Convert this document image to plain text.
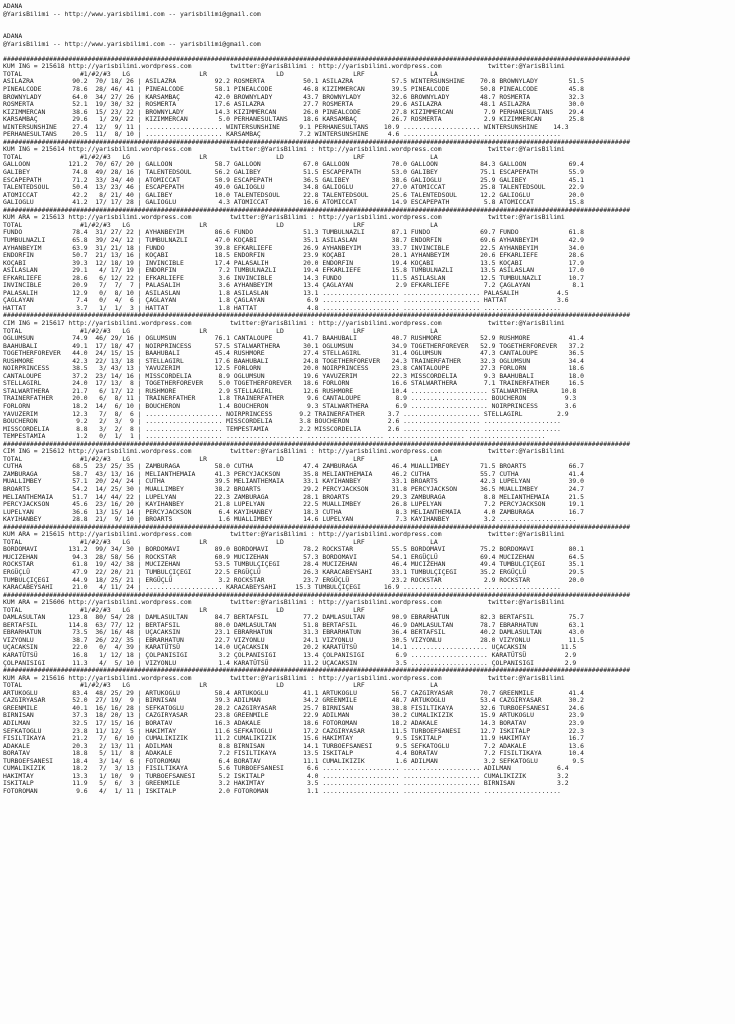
ADANA
@YarisBilimi -- http://www.yarisbilimi.com -- yarisbilimi@gmail.com

ADANA
@YarisBilimi -- http://www.yarisbilimi.com -- yarisbilimi@gmail.com

###################################################################################################################################################################
KUM ING = 215618 http://yarisbilimi.wordpress.com          twitter:@YarisBilimi : http://yarisbilimi.wordpress.com            twitter:@YarisBilimi
TOTAL               #1/#2/#3   LG                  LR                  LD                  LRF                 LA
ASILAZRA          90.2  70/ 18/ 26 | ASILAZRA          92.2 ROSMERTA          50.1 ASILAZRA          57.5 WINTERSUNSHINE    70.8 BROWNYLADY        51.5
PINEALCODE        78.6  28/ 46/ 41 | PINEALCODE        58.1 PINEALCODE        46.8 KIZIMMERCAN       39.5 PINEALCODE        50.8 PINEALCODE        45.8
BROWNYLADY        64.0  34/ 27/ 26 | KARSAMBAÇ         42.0 BROWNYLADY        43.7 BROWNYLADY        32.6 BROWNYLADY        48.7 ROSMERTA          32.3
ROSMERTA          52.1  19/ 30/ 32 | ROSMERTA          17.6 ASILAZRA          27.7 ROSMERTA          29.6 ASILAZRA          48.1 ASILAZRA          30.0
KIZIMMERCAN       38.6  15/ 23/ 22 | BROWNYLADY        14.3 KIZIMMERCAN       26.0 PINEALCODE        27.8 KIZIMMERCAN        7.9 PERHANESULTANS    29.4
KARSAMBAÇ         29.6   1/ 29/ 22 | KIZIMMERCAN        5.0 PERHANESULTANS    18.6 KARSAMBAÇ         26.7 ROSMERTA           2.9 KIZIMMERCAN       25.8
WINTERSUNSHINE    27.4  12/  9/ 11 | .................... WINTERSUNSHINE     9.1 PERHANESULTANS    10.9 .................... WINTERSUNSHINE    14.3
PERHANESULTANS    20.5  11/  8/ 10 | .................... KARSAMBAÇ          7.2 WINTERSUNSHINE     4.6 .................... ....................
###################################################################################################################################################################
KUM ING = 215614 http://yarisbilimi.wordpress.com          twitter:@YarisBilimi : http://yarisbilimi.wordpress.com            twitter:@YarisBilimi
TOTAL               #1/#2/#3   LG                  LR                  LD                  LRF                 LA
GALLOON          121.2  70/ 67/ 20 | GALLOON           58.7 GALLOON           67.0 GALLOON           70.0 GALLOON           84.3 GALLOON           69.4
GALIBEY           74.8  49/ 28/ 16 | TALENTEDSOUL      56.2 GALIBEY           51.5 ESCAPEPATH        53.0 GALIBEY           75.1 ESCAPEPATH        55.9
ESCAPEPATH        71.2  33/ 34/ 40 | ATOMICCAT         50.9 ESCAPEPATH        36.5 GALIBEY           38.6 GALIOGLU          25.9 GALIBEY           45.1
TALENTEDSOUL      50.4  13/ 23/ 46 | ESCAPEPATH        49.0 GALIOGLU          34.8 GALIOGLU          27.0 ATOMICCAT         25.8 TALENTEDSOUL      22.9
ATOMICCAT         42.2   8/ 21/ 40 | GALIBEY           10.0 TALENTEDSOUL      22.8 TALENTEDSOUL      25.6 TALENTEDSOUL      12.2 GALIOGLU          20.0
GALIOGLU          41.2  17/ 17/ 28 | GALIOGLU           4.3 ATOMICCAT         16.6 ATOMICCAT         14.9 ESCAPEPATH         5.8 ATOMICCAT         15.8
###################################################################################################################################################################
KUM ARA = 215613 http://yarisbilimi.wordpress.com          twitter:@YarisBilimi : http://yarisbilimi.wordpress.com            twitter:@YarisBilimi
TOTAL               #1/#2/#3   LG                  LR                  LD                  LRF                 LA
FUNDO             78.4  31/ 27/ 22 | AYHANBEYIM        86.6 FUNDO             51.3 TUMBULNAZLI       87.1 FUNDO             69.7 FUNDO             61.8
TUMBULNAZLI       65.8  39/ 24/ 12 | TUMBULNAZLI       47.0 KOÇABI            35.1 ASILASLAN         38.7 ENDORFIN          69.6 AYHANBEYIM        42.9
AYHANBEYIM        63.9  31/ 21/ 18 | FUNDO             39.8 EFKARLIEFE        26.9 AYHANBEYIM        33.7 INVINCIBLE        22.5 AYHANBEYIM        34.0
ENDORFIN          50.7  21/ 13/ 16 | KOÇABI            18.5 ENDORFIN          23.9 KOÇABI            20.1 AYHANBEYIM        20.6 EFKARLIEFE        28.6
KOÇABI            39.3  12/ 18/ 19 | INVINCIBLE        17.4 PALASALIH         20.0 ENDORFIN          19.4 KOÇABI            13.5 KOÇABI            17.9
ASILASLAN         29.1   4/ 17/ 19 | ENDORFIN           7.2 TUMBULNAZLI       19.4 EFKARLIEFE        15.8 TUMBULNAZLI       13.5 ASILASLAN         17.0
EFKARLIEFE        28.6   6/ 12/ 22 | EFKARLIEFE         3.6 INVINCIBLE        14.3 FUNDO             11.5 ASILASLAN         12.5 TUMBULNAZLI       10.7
INVINCIBLE        20.9   7/  7/  7 | PALASALIH          3.6 AYHANBEYIM        13.4 ÇAGLAYAN           2.9 EFKARLIEFE         7.2 ÇAGLAYAN           8.1
PALASALIH         12.9   0/  8/ 10 | ASILASLAN          1.8 ASILASLAN         13.1 .................... .................... PALASALIH          4.5
ÇAGLAYAN           7.4   0/  4/  6 | ÇAGLAYAN           1.8 ÇAGLAYAN           6.9 .................... .................... HATTAT             3.6
HATTAT             3.7   1/  1/  3 | HATTAT             1.8 HATTAT             4.8 .................... .................... ....................
###################################################################################################################################################################
CIM ING = 215617 http://yarisbilimi.wordpress.com          twitter:@YarisBilimi : http://yarisbilimi.wordpress.com            twitter:@YarisBilimi
TOTAL               #1/#2/#3   LG                  LR                  LD                  LRF                 LA
OGLUMSUN          74.9  46/ 29/ 16 | OGLUMSUN          76.1 CANTALOUPE        41.7 BAAHUBALI         40.7 RUSHMORE          52.9 RUSHMORE          41.4
BAAHUBALI         49.1  17/ 18/ 47 | NOIRPRINCESS      57.5 STALWARTHERA      30.1 OGLUMSUN          34.9 TOGETHERFOREVER   52.9 TOGETHERFOREVER   37.2
TOGETHERFOREVER   44.0  24/ 15/ 15 | BAAHUBALI         45.4 RUSHMORE          27.4 STELLAGIRL        31.4 OGLUMSUN          47.3 CANTALOUPE        36.5
RUSHMORE          42.3  22/ 13/ 18 | STELLAGIRL        17.6 BAAHUBALI         24.8 TOGETHERFOREVER   24.3 TRAINERFATHER     32.3 OGLUMSUN          34.4
NOIRPRINCESS      38.5   3/ 43/ 13 | YAVUZERIM         12.5 FORLORN           20.0 NOIRPRINCESS      23.8 CANTALOUPE        27.3 FORLORN           18.6
CANTALOUPE        37.2  23/ 14/ 16 | MISSCORDELIA       8.9 OGLUMSUN          19.6 YAVUZERIM         22.3 MISSCORDELIA       9.3 BAAHUBALI         18.0
STELLAGIRL        24.0  17/ 13/  8 | TOGETHERFOREVER    5.0 TOGETHERFOREVER   18.6 FORLORN           16.6 STALWARTHERA       7.1 TRAINERFATHER     16.5
STALWARTHERA      21.7   6/ 17/ 12 | RUSHMORE           2.9 STELLAGIRL        12.6 RUSHMORE          10.4 .................... STALWARTHERA      10.8
TRAINERFATHER     20.0   6/  8/ 11 | TRAINERFATHER      1.8 TRAINERFATHER      9.6 CANTALOUPE         8.9 .................... BOUCHERON          9.3
FORLORN           18.2  14/  6/ 10 | BOUCHERON          1.4 BOUCHERON          9.3 STALWARTHERA       6.9 .................... NOIRPRINCESS       3.6
YAVUZERIM         12.3   7/  8/  6 | .................... NOIRPRINCESS       9.2 TRAINERFATHER      3.7 .................... STELLAGIRL         2.9
BOUCHERON          9.2   2/  3/  9 | .................... MISSCORDELIA       3.8 BOUCHERON          2.6 .................... ....................
MISSCORDELIA       8.8   3/  2/  8 | .................... TEMPESTAMIA        2.2 MISSCORDELIA       2.6 .................... ....................
TEMPESTAMIA        1.2   0/  1/  1 | .................... .................... .................... .................... ....................
###################################################################################################################################################################
CIM ING = 215612 http://yarisbilimi.wordpress.com          twitter:@YarisBilimi : http://yarisbilimi.wordpress.com            twitter:@YarisBilimi
TOTAL               #1/#2/#3   LG                  LR                  LD                  LRF                 LA
CUTHA             68.5  23/ 25/ 35 | ZAMBURAGA         58.0 CUTHA             47.4 ZAMBURAGA         46.4 MUALLIMBEY        71.5 BROARTS           66.7
ZAMBURAGA         58.7  43/ 13/ 16 | MELIANTHEMAIA     41.3 PERCYJACKSON      35.8 MELIANTHEMAIA     46.2 CUTHA             55.7 CUTHA             41.4
MUALLIMBEY        57.1  20/ 24/ 24 | CUTHA             39.5 MELIANTHEMAIA     33.1 KAYIHANBEY        33.1 BROARTS           42.3 LUPELYAN          39.0
BROARTS           54.2  14/ 25/ 30 | MUALLIMBEY        38.2 BROARTS           29.2 PERCYJACKSON      31.8 PERCYJACKSON      36.5 MUALLIMBEY        24.7
MELIANTHEMAIA     51.7  14/ 44/ 22 | LUPELYAN          22.3 ZAMBURAGA         28.1 BROARTS           29.3 ZAMBURAGA          8.8 MELIANTHEMAIA     21.5
PERCYJACKSON      45.6  23/ 16/ 20 | KAYIHANBEY        21.8 LUPELYAN          22.5 MUALLIMBEY        26.8 LUPELYAN           7.2 PERCYJACKSON      19.1
LUPELYAN          36.6  13/ 15/ 14 | PERCYJACKSON       6.4 KAYIHANBEY        18.3 CUTHA              8.3 MELIANTHEMAIA      4.0 ZAMBURAGA         16.7
KAYIHANBEY        28.8  21/  9/ 10 | BROARTS            1.6 MUALLIMBEY        14.6 LUPELYAN           7.3 KAYIHANBEY         3.2 ....................
###################################################################################################################################################################
KUM ARA = 215615 http://yarisbilimi.wordpress.com          twitter:@YarisBilimi : http://yarisbilimi.wordpress.com            twitter:@YarisBilimi
TOTAL               #1/#2/#3   LG                  LR                  LD                  LRF                 LA
BORDOMAVI        131.2  99/ 34/ 30 | BORDOMAVI         89.0 BORDOMAVI         78.2 ROCKSTAR          55.5 BORDOMAVI         75.2 BORDOMAVI         80.1
MUCIZEHAN         94.3  28/ 58/ 56 | ROCKSTAR          60.9 MUCIZEHAN         57.3 BORDOMAVI         54.1 ERGÜÇLÜ           69.4 MUCIZEHAN         64.5
ROCKSTAR          61.8  19/ 42/ 38 | MUCIZEHAN         53.5 TUMBULÇIÇEGI      28.4 MUCIZEHAN         46.4 MUCIZEHAN         49.4 TUMBULÇIÇEGI      35.1
ERGÜÇLÜ           47.9  22/ 20/ 21 | TUMBULÇIÇEGI      22.5 ERGÜÇLÜ           26.3 KARACABEYSAHI     33.1 TUMBULÇIÇEGI      35.2 ERGÜÇLÜ           29.5
TUMBULÇIÇEGI      44.9  18/ 25/ 21 | ERGÜÇLÜ            3.2 ROCKSTAR          23.7 ERGÜÇLÜ           23.2 ROCKSTAR           2.9 ROCKSTAR          20.0
KARACABEYSAHI     21.0   4/ 11/ 24 | .................... KARACABEYSAHI     15.3 TUMBULÇIÇEGI      16.9 .................... ....................
###################################################################################################################################################################
KUM ARA = 215606 http://yarisbilimi.wordpress.com          twitter:@YarisBilimi : http://yarisbilimi.wordpress.com            twitter:@YarisBilimi
TOTAL               #1/#2/#3   LG                  LR                  LD                  LRF                 LA
DAMLASULTAN      123.8  80/ 54/ 28 | DAMLASULTAN       84.7 BERTAFSIL         77.2 DAMLASULTAN       90.9 EBRARHATUN        82.3 BERTAFSIL         75.7
BERTAFSIL        114.8  63/ 77/ 12 | BERTAFSIL         80.0 DAMLASULTAN       51.8 BERTAFSIL         46.9 DAMLASULTAN       78.7 EBRARHATUN        63.1
EBRARHATUN        73.5  36/ 16/ 48 | UÇACAKSIN         23.1 EBRARHATUN        31.3 EBRARHATUN        36.4 BERTAFSIL         40.2 DAMLASULTAN       43.0
VIZYONLU          38.7  26/ 22/ 35 | EBRARHATUN        22.7 VIZYONLU          24.1 VIZYONLU          30.5 VIZYONLU          28.0 VIZYONLU          11.5
UÇACAKSIN         22.0   0/  4/ 39 | KARATÜTSÜ         14.0 UÇACAKSIN         20.2 KARATÜTSÜ         14.1 .................... UÇACAKSIN         11.5
KARATÜTSÜ         16.8   1/ 12/ 18 | ÇOLPANISIGI        3.2 ÇOLPANISIGI       13.4 ÇOLPANISIGI        6.9 .................... KARATÜTSÜ          2.9
ÇOLPANISIGI       11.3   4/  5/ 10 | VIZYONLU           1.4 KARATÜTSÜ         11.2 UÇACAKSIN          3.5 .................... ÇOLPANISIGI        2.9
###################################################################################################################################################################
KUM ARA = 215616 http://yarisbilimi.wordpress.com          twitter:@YarisBilimi : http://yarisbilimi.wordpress.com            twitter:@YarisBilimi
TOTAL               #1/#2/#3   LG                  LR                  LD                  LRF                 LA
ARTUKOGLU         83.4  48/ 25/ 29 | ARTUKOGLU         58.4 ARTUKOGLU         41.1 ARTUKOGLU         56.7 CAZGIRYASAR       70.7 GREENMILE         41.4
CAZGIRYASAR       52.0  27/ 19/  9 | BIRNISAN          39.3 ADILMAN           34.2 GREENMILE         48.7 ARTUKOGLU         53.4 CAZGIRYASAR       30.2
GREENMILE         40.1  16/ 16/ 28 | SEFKATOGLU        28.2 CAZGIRYASAR       25.7 BIRNISAN          38.8 FISILTIKAYA       32.6 TURBOEFSANESI     24.6
BIRNISAN          37.3  18/ 20/ 13 | CAZGIRYASAR       23.8 GREENMILE         22.9 ADILMAN           30.2 CUMALIKIZIK       15.9 ARTUKOGLU         23.9
ADILMAN           32.5  17/ 15/ 16 | BORATAV           16.3 ADAKALE           18.6 FOTOROMAN         18.2 ADAKALE           14.3 BORATAV           23.9
SEFKATOGLU        23.8  11/ 12/  5 | HAKIMTAY          11.6 SEFKATOGLU        17.2 CAZGIRYASAR       11.5 TURBOEFSANESI     12.7 ISKITALP          22.3
FISILTIKAYA       21.2   7/  6/ 10 | CUMALIKIZIK       11.2 CUMALIKIZIK       15.6 HAKIMTAY           9.5 ISKITALP          11.9 HAKIMTAY          16.7
ADAKALE           20.3   2/ 13/ 11 | ADILMAN            8.8 BIRNISAN          14.1 TURBOEFSANESI      9.5 SEFKATOGLU         7.2 ADAKALE           13.6
BORATAV           18.8   5/ 11/  8 | ADAKALE            7.2 FISILTIKAYA       13.5 ISKITALP           4.4 BORATAV            7.2 FISILTIKAYA       10.4
TURBOEFSANESI     18.4   3/ 14/  6 | FOTOROMAN          6.4 BORATAV           11.1 CUMALIKIZIK        1.6 ADILMAN            3.2 SEFKATOGLU         9.5
CUMALIKIZIK       18.2   7/  3/ 13 | FISILTIKAYA        5.6 TURBOEFSANESI      6.6 .................... .................... ADILMAN            6.4
HAKIMTAY          13.3   1/ 10/  9 | TURBOEFSANESI      5.2 ISKITALP           4.0 .................... .................... CUMALIKIZIK        3.2
ISKITALP          11.9   5/  6/  3 | GREENMILE          3.2 HAKIMTAY           3.5 .................... .................... BIRNISAN           3.2
FOTOROMAN          9.6   4/  1/ 11 | ISKITALP           2.0 FOTOROMAN          1.1 .................... .................... ....................
